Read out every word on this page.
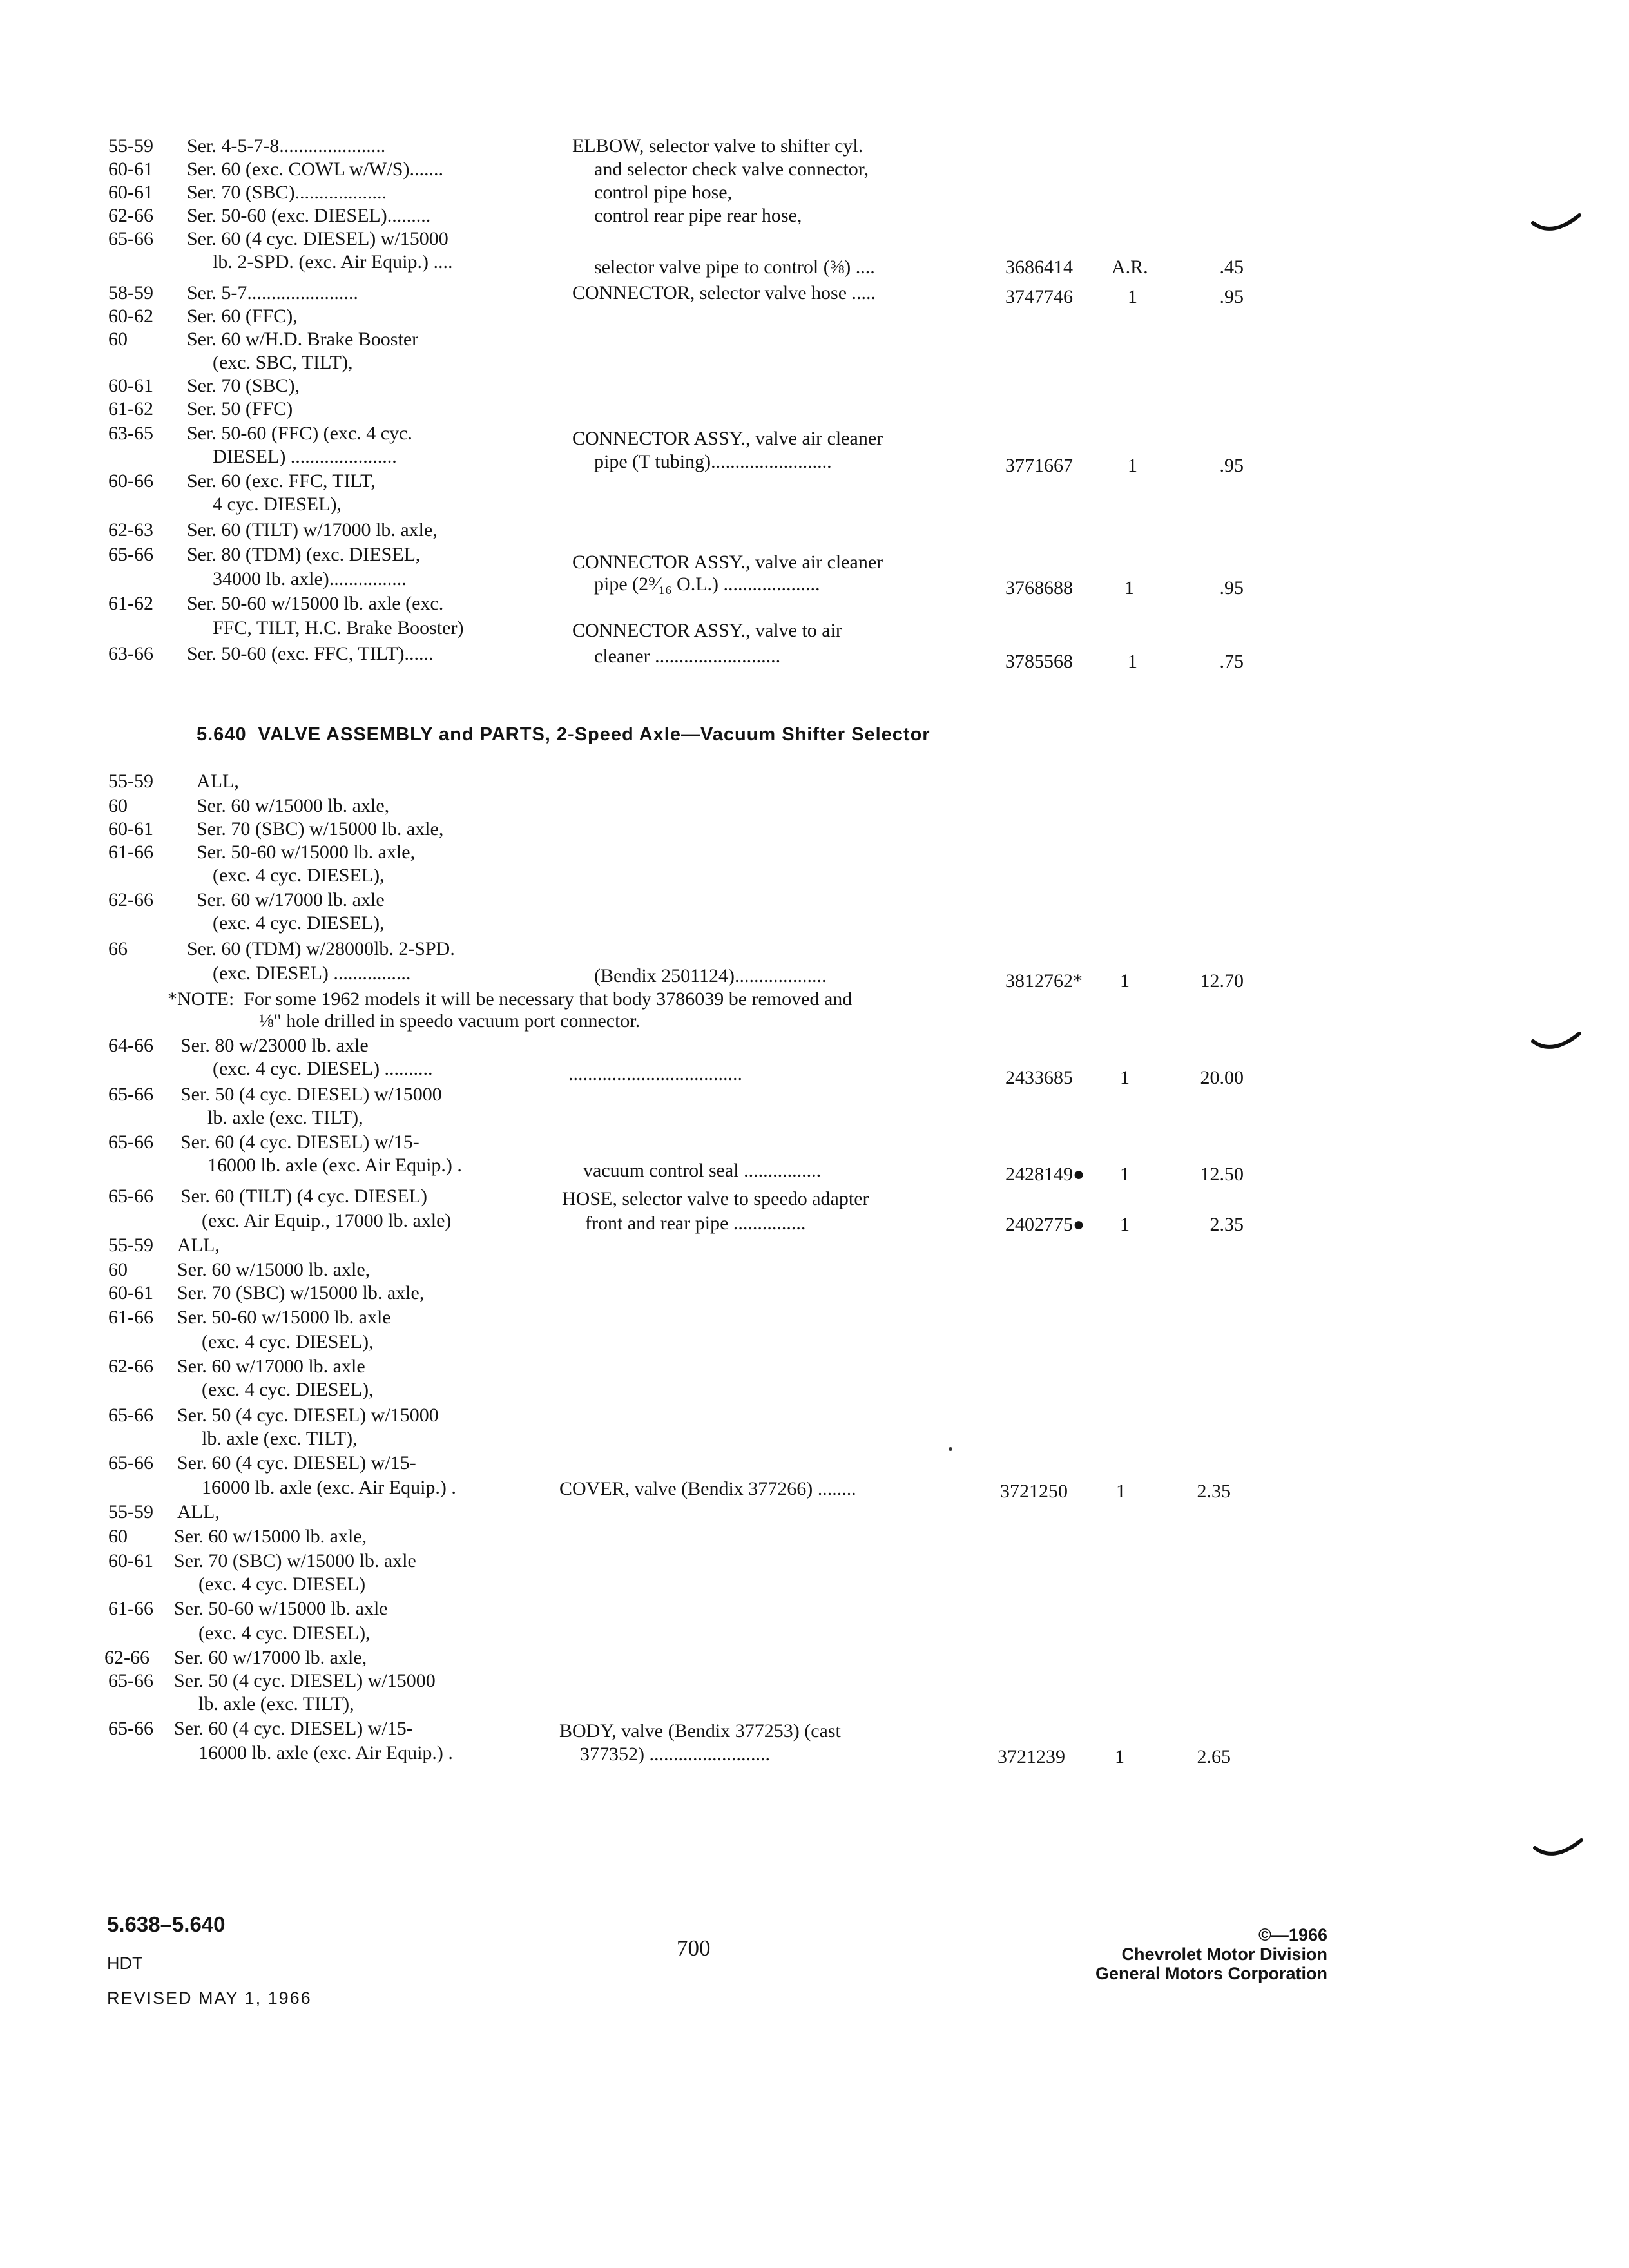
55-59 Ser. 4-5-7-8......................	ELBOW, selector valve to shifter cyl.
60-61 Ser. 60 (exc. COWL w/W/S).......	and selector check valve connector,
60-61 Ser. 70 (SBC)...................	control pipe hose,
62-66 Ser. 50-60 (exc. DIESEL).........	control rear pipe rear hose,
65-66 Ser. 60 (4 cyc. DIESEL) w/15000
lb. 2-SPD. (exc. Air Equip.) ....	selector valve pipe to control (⅜) ....	3686414 A.R.	.45
58-59 Ser. 5-7.......................	CONNECTOR, selector valve hose .....	3747746	1	.95
60-62 Ser. 60 (FFC),
60	Ser. 60 w/H.D. Brake Booster
(exc. SBC, TILT),
60-61 Ser. 70 (SBC),
61-62 Ser. 50 (FFC)
63-65 Ser. 50-60 (FFC) (exc. 4 cyc.	CONNECTOR ASSY., valve air cleaner
DIESEL) ......................	pipe (T tubing).........................	3771667	1	.95
60-66 Ser. 60 (exc. FFC, TILT,
4 cyc. DIESEL),
62-63 Ser. 60 (TILT) w/17000 lb. axle,
65-66 Ser. 80 (TDM) (exc. DIESEL,	CONNECTOR ASSY., valve air cleaner
34000 lb. axle)................	pipe (2⁹⁄₁₆ O.L.) ....................	3768688	1	.95
61-62 Ser. 50-60 w/15000 lb. axle (exc.
FFC, TILT, H.C. Brake Booster)	CONNECTOR ASSY., valve to air
63-66 Ser. 50-60 (exc. FFC, TILT)......	cleaner ..........................	3785568	1	.75
5.640  VALVE ASSEMBLY and PARTS, 2-Speed Axle—Vacuum Shifter Selector
55-59 ALL,
60	Ser. 60 w/15000 lb. axle,
60-61 Ser. 70 (SBC) w/15000 lb. axle,
61-66 Ser. 50-60 w/15000 lb. axle,
(exc. 4 cyc. DIESEL),
62-66 Ser. 60 w/17000 lb. axle
(exc. 4 cyc. DIESEL),
66	Ser. 60 (TDM) w/28000lb. 2-SPD.
(exc. DIESEL) ................	(Bendix 2501124)...................	3812762* 1	12.70
*NOTE:  For some 1962 models it will be necessary that body 3786039 be removed and
⅛" hole drilled in speedo vacuum port connector.
64-66 Ser. 80 w/23000 lb. axle
(exc. 4 cyc. DIESEL) ..........	....................................	2433685 1	20.00
65-66 Ser. 50 (4 cyc. DIESEL) w/15000
lb. axle (exc. TILT),
65-66 Ser. 60 (4 cyc. DIESEL) w/15-
16000 lb. axle (exc. Air Equip.) .	vacuum control seal ................	2428149● 1	12.50
65-66 Ser. 60 (TILT) (4 cyc. DIESEL)	HOSE, selector valve to speedo adapter
(exc. Air Equip., 17000 lb. axle)	front and rear pipe ...............	2402775● 1	2.35
55-59 ALL,
60	Ser. 60 w/15000 lb. axle,
60-61 Ser. 70 (SBC) w/15000 lb. axle,
61-66 Ser. 50-60 w/15000 lb. axle
(exc. 4 cyc. DIESEL),
62-66 Ser. 60 w/17000 lb. axle
(exc. 4 cyc. DIESEL),
65-66 Ser. 50 (4 cyc. DIESEL) w/15000
lb. axle (exc. TILT),
65-66 Ser. 60 (4 cyc. DIESEL) w/15-
16000 lb. axle (exc. Air Equip.) .	COVER, valve (Bendix 377266) ........	3721250	1	2.35
55-59 ALL,
60 Ser. 60 w/15000 lb. axle,
60-61 Ser. 70 (SBC) w/15000 lb. axle
(exc. 4 cyc. DIESEL)
61-66 Ser. 50-60 w/15000 lb. axle
(exc. 4 cyc. DIESEL),
62-66 Ser. 60 w/17000 lb. axle,
65-66 Ser. 50 (4 cyc. DIESEL) w/15000
lb. axle (exc. TILT),
65-66 Ser. 60 (4 cyc. DIESEL) w/15-	BODY, valve (Bendix 377253) (cast
16000 lb. axle (exc. Air Equip.) .	377352) .........................	3721239	1	2.65
5.638–5.640
HDT
REVISED MAY 1, 1966
700
©—1966
Chevrolet Motor Division
General Motors Corporation
